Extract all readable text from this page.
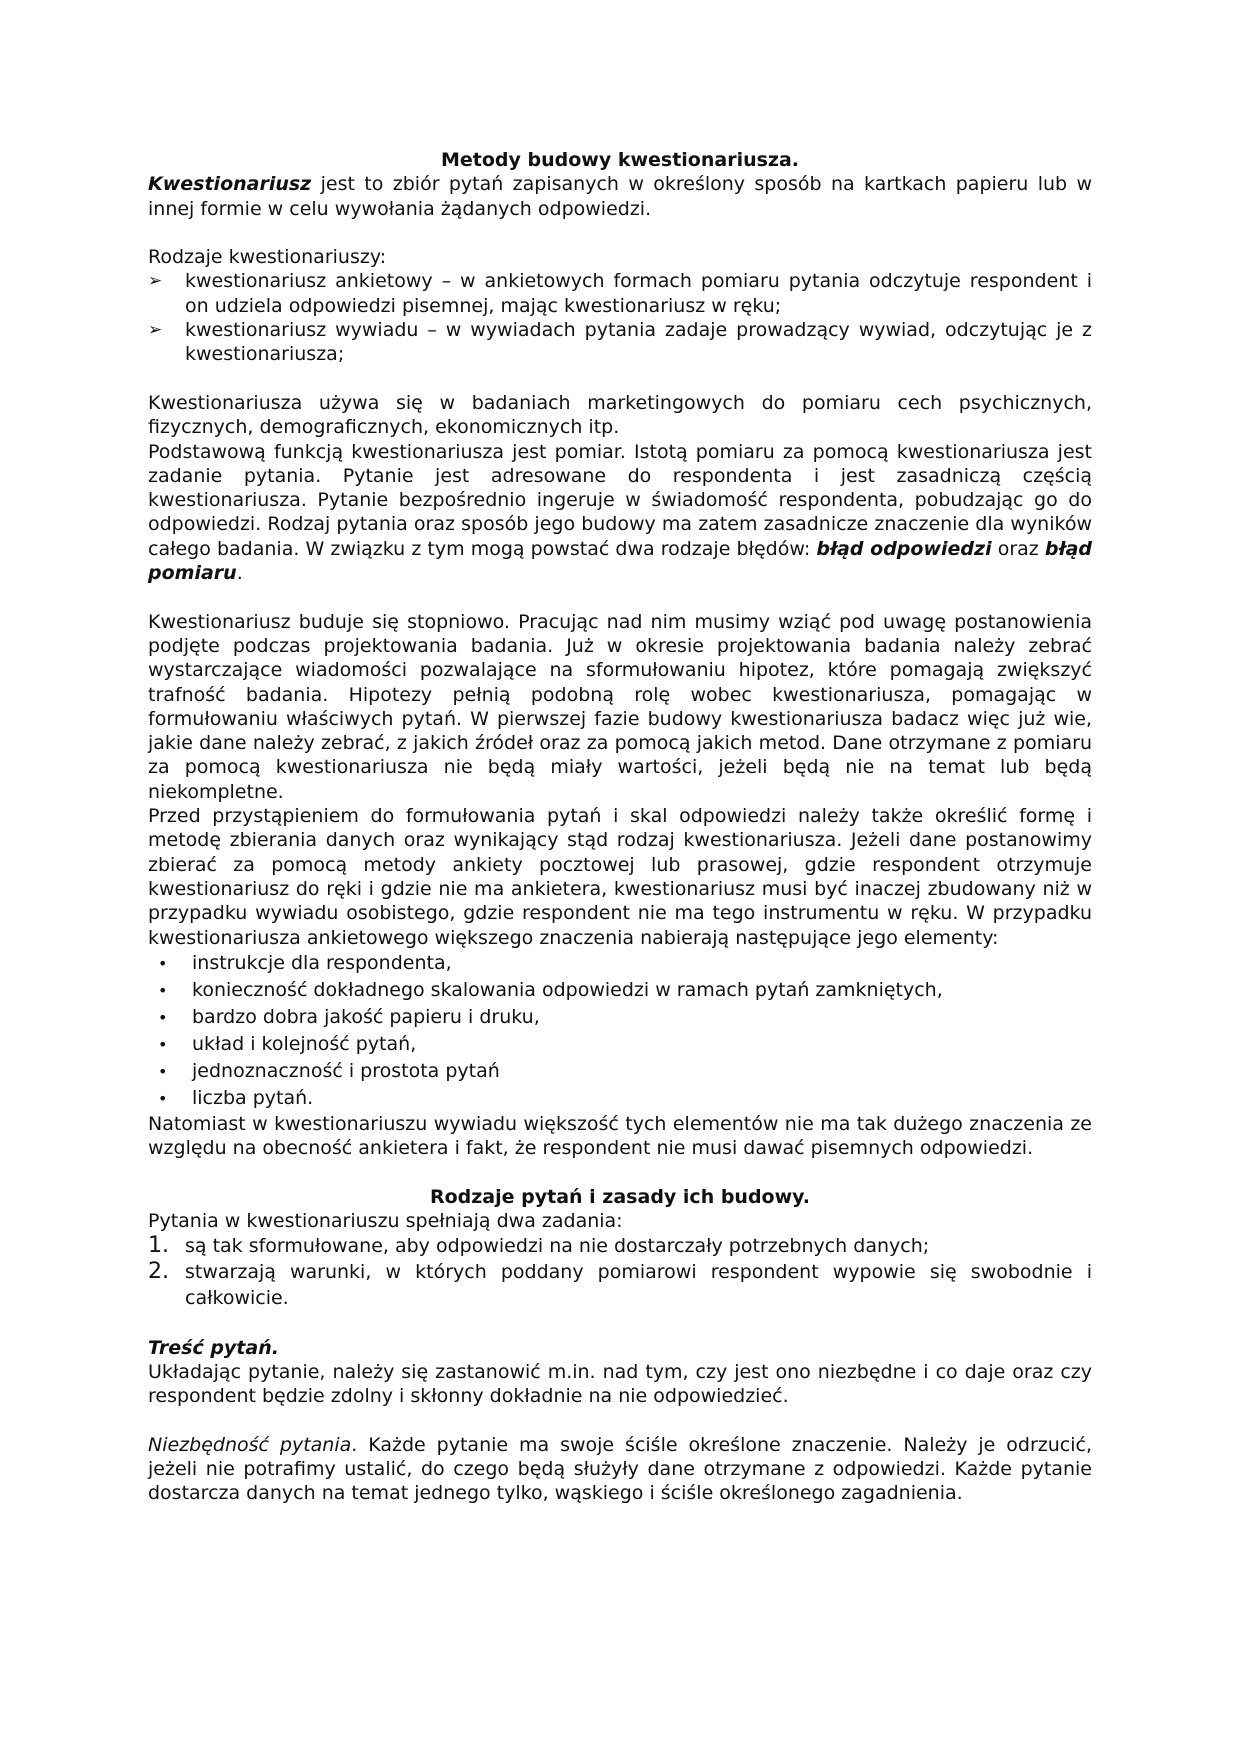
Metody budowy kwestionariusza.

Kwestionariusz jest to zbiór pytań zapisanych w określony sposób na kartkach papieru lub w innej formie w celu wywołania żądanych odpowiedzi.

Rodzaje kwestionariuszy:

➢ kwestionariusz ankietowy – w ankietowych formach pomiaru pytania odczytuje respondent i on udziela odpowiedzi pisemnej, mając kwestionariusz w ręku;
➢ kwestionariusz wywiadu – w wywiadach pytania zadaje prowadzący wywiad, odczytując je z kwestionariusza;

Kwestionariusza używa się w badaniach marketingowych do pomiaru cech psychicznych, fizycznych, demograficznych, ekonomicznych itp.

Podstawową funkcją kwestionariusza jest pomiar. Istotą pomiaru za pomocą kwestionariusza jest zadanie pytania. Pytanie jest adresowane do respondenta i jest zasadniczą częścią kwestionariusza. Pytanie bezpośrednio ingeruje w świadomość respondenta, pobudzając go do odpowiedzi. Rodzaj pytania oraz sposób jego budowy ma zatem zasadnicze znaczenie dla wyników całego badania. W związku z tym mogą powstać dwa rodzaje błędów: błąd odpowiedzi oraz błąd pomiaru.

Kwestionariusz buduje się stopniowo. Pracując nad nim musimy wziąć pod uwagę postanowienia podjęte podczas projektowania badania. Już w okresie projektowania badania należy zebrać wystarczające wiadomości pozwalające na sformułowaniu hipotez, które pomagają zwiększyć trafność badania. Hipotezy pełnią podobną rolę wobec kwestionariusza, pomagając w formułowaniu właściwych pytań. W pierwszej fazie budowy kwestionariusza badacz więc już wie, jakie dane należy zebrać, z jakich źródeł oraz za pomocą jakich metod. Dane otrzymane z pomiaru za pomocą kwestionariusza nie będą miały wartości, jeżeli będą nie na temat lub będą niekompletne.

Przed przystąpieniem do formułowania pytań i skal odpowiedzi należy także określić formę i metodę zbierania danych oraz wynikający stąd rodzaj kwestionariusza. Jeżeli dane postanowimy zbierać za pomocą metody ankiety pocztowej lub prasowej, gdzie respondent otrzymuje kwestionariusz do ręki i gdzie nie ma ankietera, kwestionariusz musi być inaczej zbudowany niż w przypadku wywiadu osobistego, gdzie respondent nie ma tego instrumentu w ręku. W przypadku kwestionariusza ankietowego większego znaczenia nabierają następujące jego elementy:

• instrukcje dla respondenta,
• konieczność dokładnego skalowania odpowiedzi w ramach pytań zamkniętych,
• bardzo dobra jakość papieru i druku,
• układ i kolejność pytań,
• jednoznaczność i prostota pytań
• liczba pytań.

Natomiast w kwestionariuszu wywiadu większość tych elementów nie ma tak dużego znaczenia ze względu na obecność ankietera i fakt, że respondent nie musi dawać pisemnych odpowiedzi.

Rodzaje pytań i zasady ich budowy.

Pytania w kwestionariuszu spełniają dwa zadania:

1. są tak sformułowane, aby odpowiedzi na nie dostarczały potrzebnych danych;
2. stwarzają warunki, w których poddany pomiarowi respondent wypowie się swobodnie i całkowicie.

Treść pytań.

Układając pytanie, należy się zastanowić m.in. nad tym, czy jest ono niezbędne i co daje oraz czy respondent będzie zdolny i skłonny dokładnie na nie odpowiedzieć.

Niezbędność pytania. Każde pytanie ma swoje ściśle określone znaczenie. Należy je odrzucić, jeżeli nie potrafimy ustalić, do czego będą służyły dane otrzymane z odpowiedzi. Każde pytanie dostarcza danych na temat jednego tylko, wąskiego i ściśle określonego zagadnienia.
